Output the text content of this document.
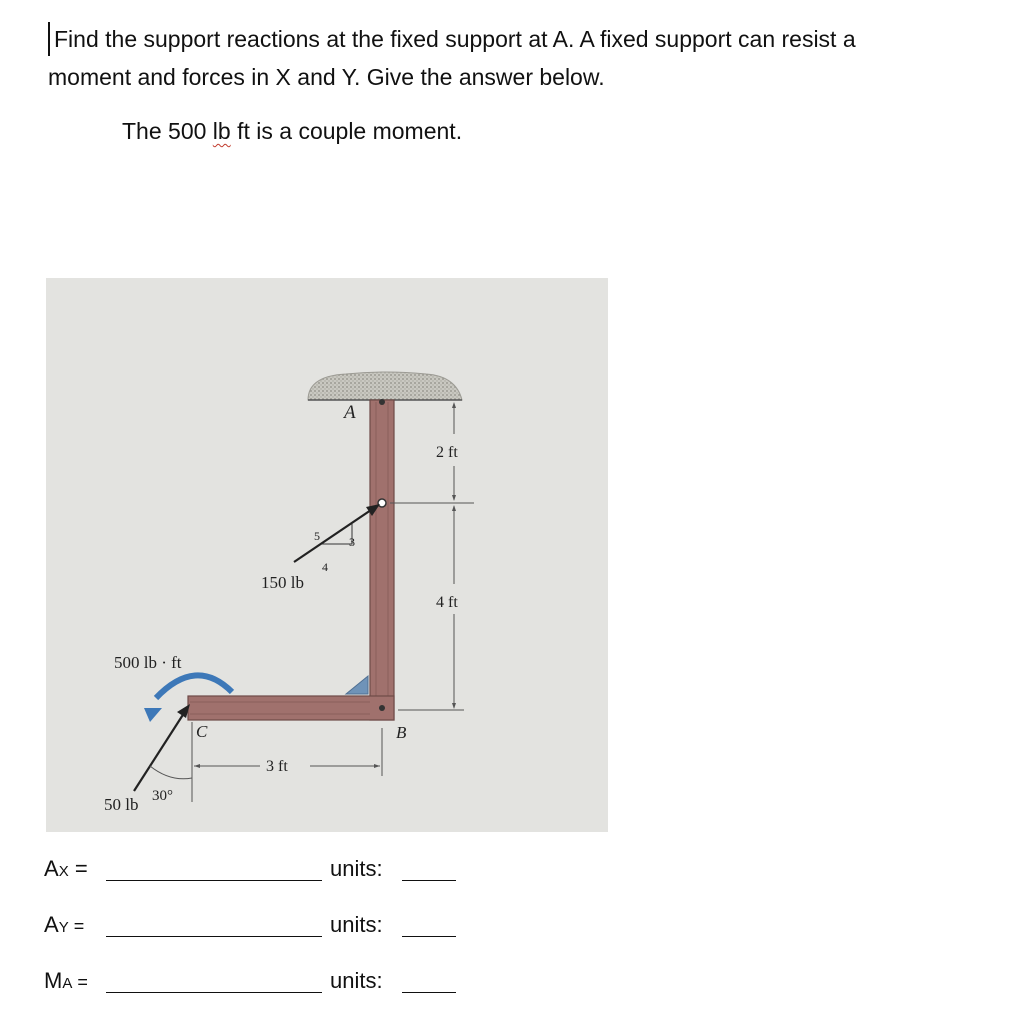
Find the support reactions at the fixed support at A. A fixed support can resist a
moment and forces in X and Y. Give the answer below.
The 500 lb ft is a couple moment.
A
B
C
150 lb
50 lb
500 lb · ft
5 3
4
30°
2 ft
4 ft
3 ft
AX =	units:
AY =	units:
MA =	units:
